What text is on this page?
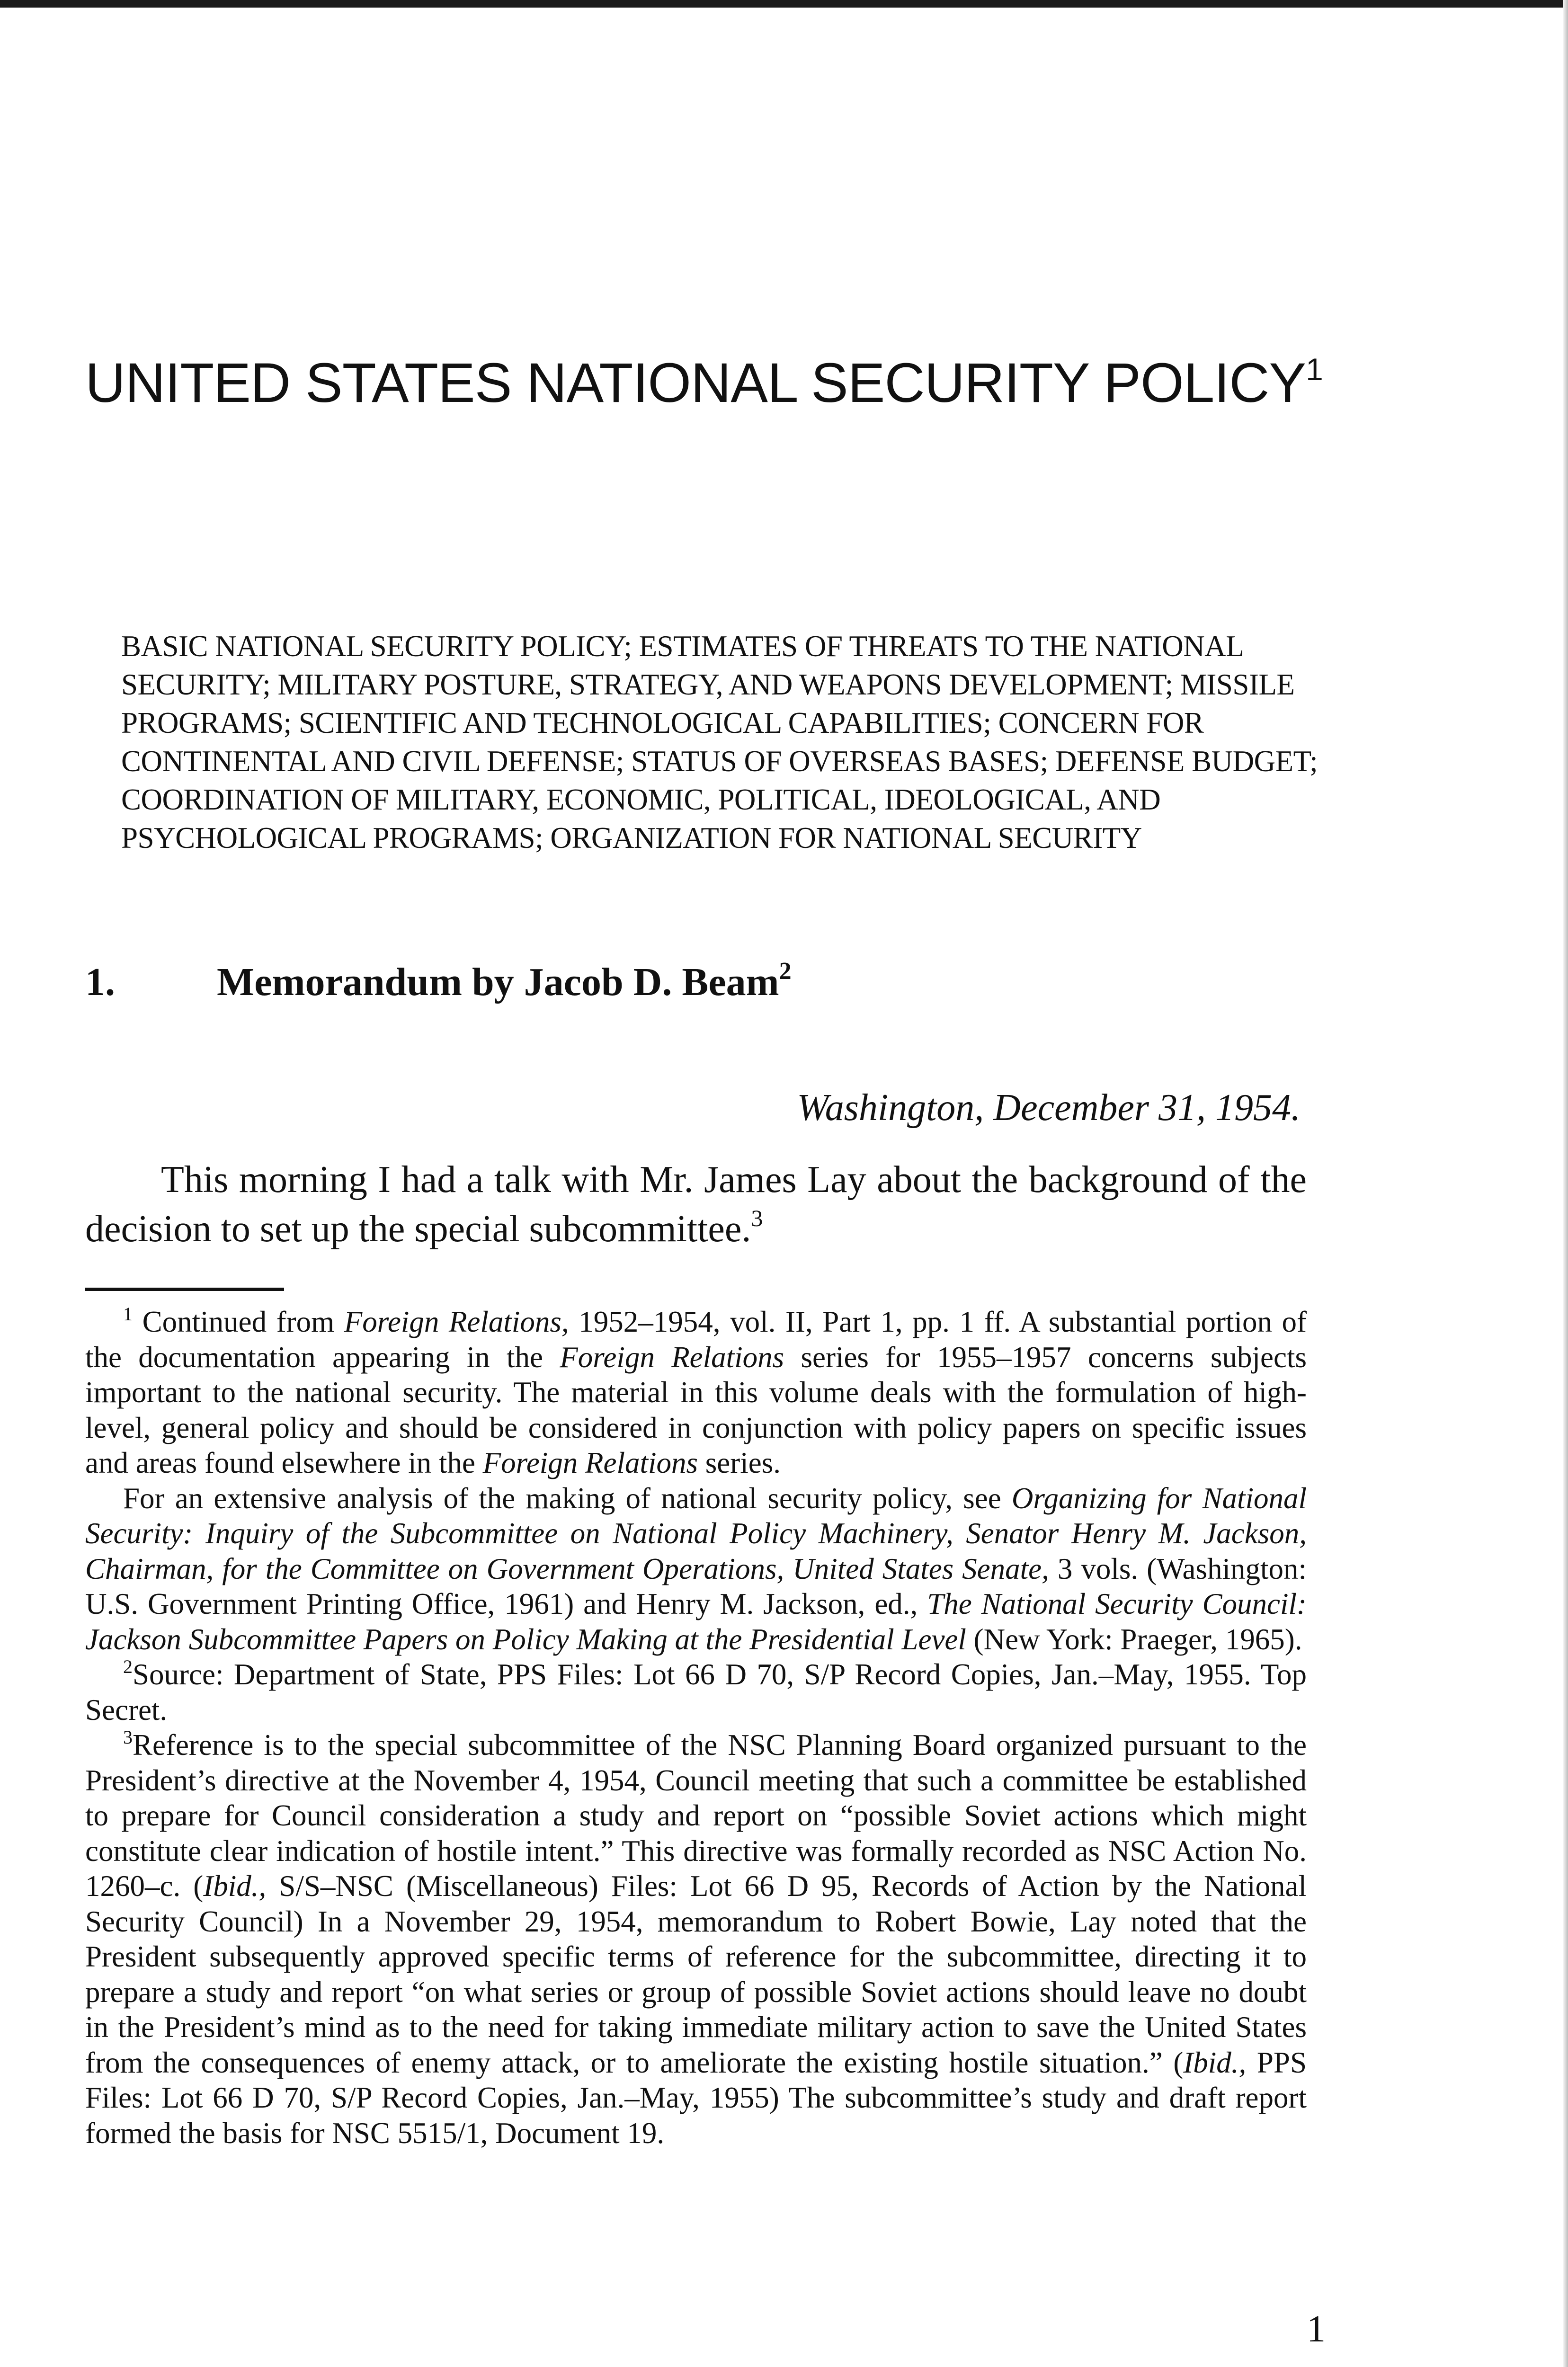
UNITED STATES NATIONAL SECURITY POLICY$^1$

BASIC NATIONAL SECURITY POLICY; ESTIMATES OF THREATS TO THE NATIONAL SECURITY; MILITARY POSTURE, STRATEGY, AND WEAPONS DEVELOPMENT; MISSILE PROGRAMS; SCIENTIFIC AND TECHNOLOGICAL CAPABILITIES; CONCERN FOR CONTINENTAL AND CIVIL DEFENSE; STATUS OF OVERSEAS BASES; DEFENSE BUDGET; COORDINATION OF MILITARY, ECONOMIC, POLITICAL, IDEOLOGICAL, AND PSYCHOLOGICAL PROGRAMS; ORGANIZATION FOR NATIONAL SECURITY

1.	Memorandum by Jacob D. Beam$^2$

Washington, December 31, 1954.

This morning I had a talk with Mr. James Lay about the background of the decision to set up the special subcommittee.$^3$

$^1$ Continued from Foreign Relations, 1952–1954, vol. II, Part 1, pp. 1 ff. A substantial portion of the documentation appearing in the Foreign Relations series for 1955–1957 concerns subjects important to the national security. The material in this volume deals with the formulation of high-level, general policy and should be considered in conjunction with policy papers on specific issues and areas found elsewhere in the Foreign Relations series.

For an extensive analysis of the making of national security policy, see Organizing for National Security: Inquiry of the Subcommittee on National Policy Machinery, Senator Henry M. Jackson, Chairman, for the Committee on Government Operations, United States Senate, 3 vols. (Washington: U.S. Government Printing Office, 1961) and Henry M. Jackson, ed., The National Security Council: Jackson Subcommittee Papers on Policy Making at the Presidential Level (New York: Praeger, 1965).

$^2$Source: Department of State, PPS Files: Lot 66 D 70, S/P Record Copies, Jan.–May, 1955. Top Secret.

$^3$Reference is to the special subcommittee of the NSC Planning Board organized pursuant to the President’s directive at the November 4, 1954, Council meeting that such a committee be established to prepare for Council consideration a study and report on “possible Soviet actions which might constitute clear indication of hostile intent.” This directive was formally recorded as NSC Action No. 1260–c. (Ibid., S/S–NSC (Miscellaneous) Files: Lot 66 D 95, Records of Action by the National Security Council) In a November 29, 1954, memorandum to Robert Bowie, Lay noted that the President subsequently approved specific terms of reference for the subcommittee, directing it to prepare a study and report “on what series or group of possible Soviet actions should leave no doubt in the President’s mind as to the need for taking immediate military action to save the United States from the consequences of enemy attack, or to ameliorate the existing hostile situation.” (Ibid., PPS Files: Lot 66 D 70, S/P Record Copies, Jan.–May, 1955) The subcommittee’s study and draft report formed the basis for NSC 5515/1, Document 19.

1
